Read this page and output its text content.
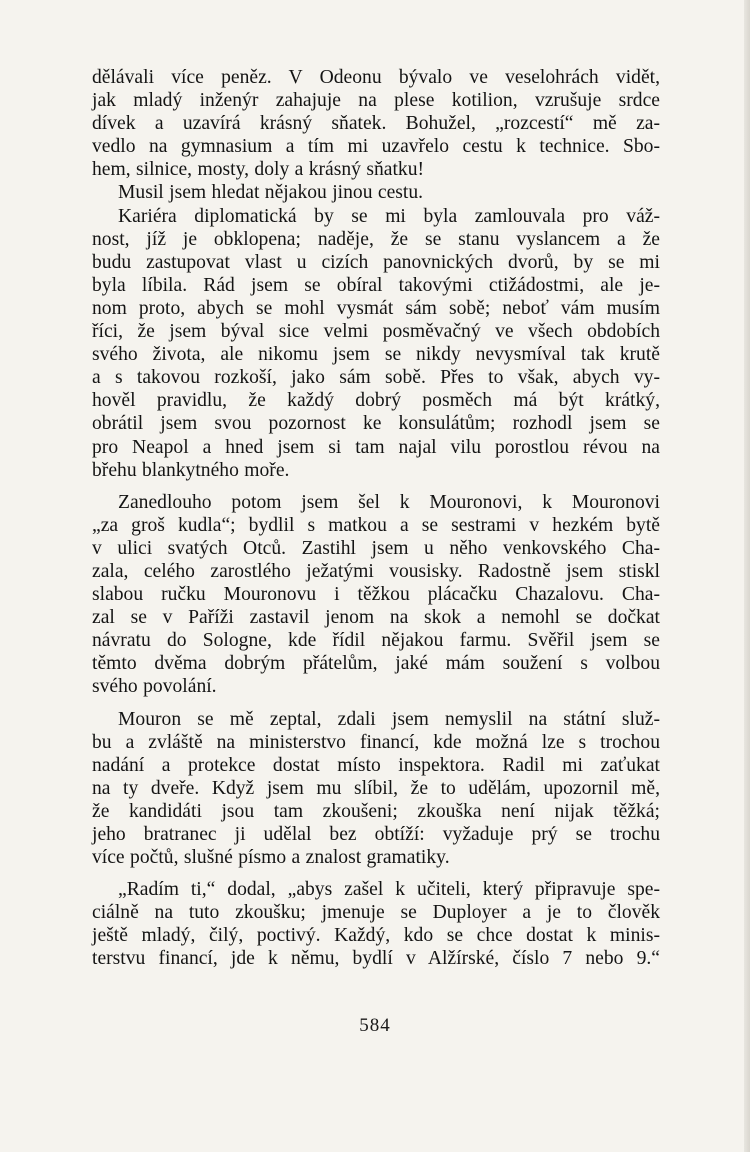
dělávali více peněz. V Odeonu bývalo ve veselohrách vidět,
jak mladý inženýr zahajuje na plese kotilion, vzrušuje srdce
dívek a uzavírá krásný sňatek. Bohužel, „rozcestí“ mě za-
vedlo na gymnasium a tím mi uzavřelo cestu k technice. Sbo-
hem, silnice, mosty, doly a krásný sňatku!
Musil jsem hledat nějakou jinou cestu.
Kariéra diplomatická by se mi byla zamlouvala pro váž-
nost, jíž je obklopena; naděje, že se stanu vyslancem a že
budu zastupovat vlast u cizích panovnických dvorů, by se mi
byla líbila. Rád jsem se obíral takovými ctižádostmi, ale je-
nom proto, abych se mohl vysmát sám sobě; neboť vám musím
říci, že jsem býval sice velmi posměvačný ve všech obdobích
svého života, ale nikomu jsem se nikdy nevysmíval tak krutě
a s takovou rozkoší, jako sám sobě. Přes to však, abych vy-
hověl pravidlu, že každý dobrý posměch má být krátký,
obrátil jsem svou pozornost ke konsulátům; rozhodl jsem se
pro Neapol a hned jsem si tam najal vilu porostlou révou na
břehu blankytného moře.
Zanedlouho potom jsem šel k Mouronovi, k Mouronovi
„za groš kudla“; bydlil s matkou a se sestrami v hezkém bytě
v ulici svatých Otců. Zastihl jsem u něho venkovského Cha-
zala, celého zarostlého ježatými vousisky. Radostně jsem stiskl
slabou ručku Mouronovu i těžkou plácačku Chazalovu. Cha-
zal se v Paříži zastavil jenom na skok a nemohl se dočkat
návratu do Sologne, kde řídil nějakou farmu. Svěřil jsem se
těmto dvěma dobrým přátelům, jaké mám soužení s volbou
svého povolání.
Mouron se mě zeptal, zdali jsem nemyslil na státní služ-
bu a zvláště na ministerstvo financí, kde možná lze s trochou
nadání a protekce dostat místo inspektora. Radil mi zaťukat
na ty dveře. Když jsem mu slíbil, že to udělám, upozornil mě,
že kandidáti jsou tam zkoušeni; zkouška není nijak těžká;
jeho bratranec ji udělal bez obtíží: vyžaduje prý se trochu
více počtů, slušné písmo a znalost gramatiky.
„Radím ti,“ dodal, „abys zašel k učiteli, který připravuje spe-
ciálně na tuto zkoušku; jmenuje se Duployer a je to člověk
ještě mladý, čilý, poctivý. Každý, kdo se chce dostat k minis-
terstvu financí, jde k němu, bydlí v Alžírské, číslo 7 nebo 9.“
584
